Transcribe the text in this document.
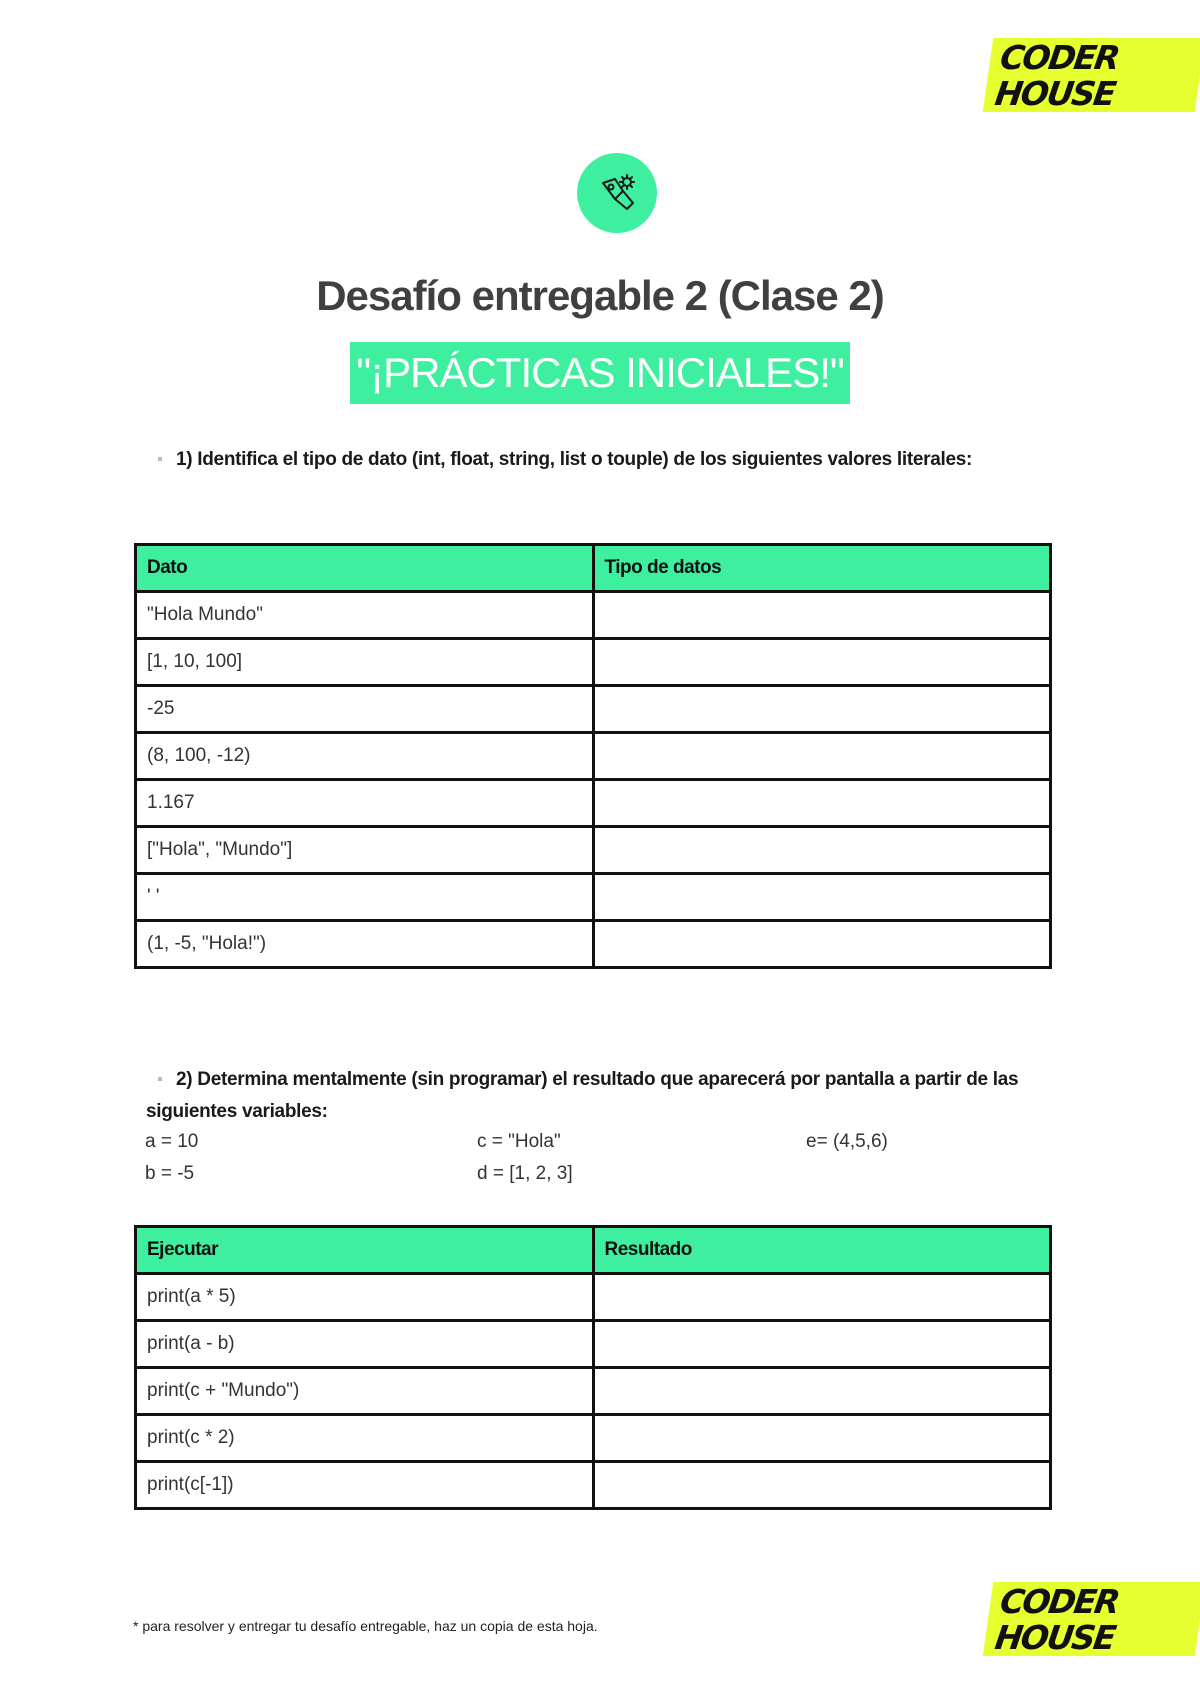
CODER HOUSE
Desafío entregable 2 (Clase 2)
"¡PRÁCTICAS INICIALES!"
1) Identifica el tipo de dato (int, float, string, list o touple) de los siguientes valores literales:
Dato	Tipo de datos
"Hola Mundo"	
[1, 10, 100]	
-25	
(8, 100, -12)	
1.167	
["Hola", "Mundo"]	
' '	
(1, -5, "Hola!")	
2) Determina mentalmente (sin programar) el resultado que aparecerá por pantalla a partir de las siguientes variables:
a = 10
b = -5
c = "Hola"
d = [1, 2, 3]
e= (4,5,6)
Ejecutar	Resultado
print(a * 5)	
print(a - b)	
print(c + "Mundo")	
print(c * 2)	
print(c[-1])	
CODER HOUSE
* para resolver y entregar tu desafío entregable, haz un copia de esta hoja.
